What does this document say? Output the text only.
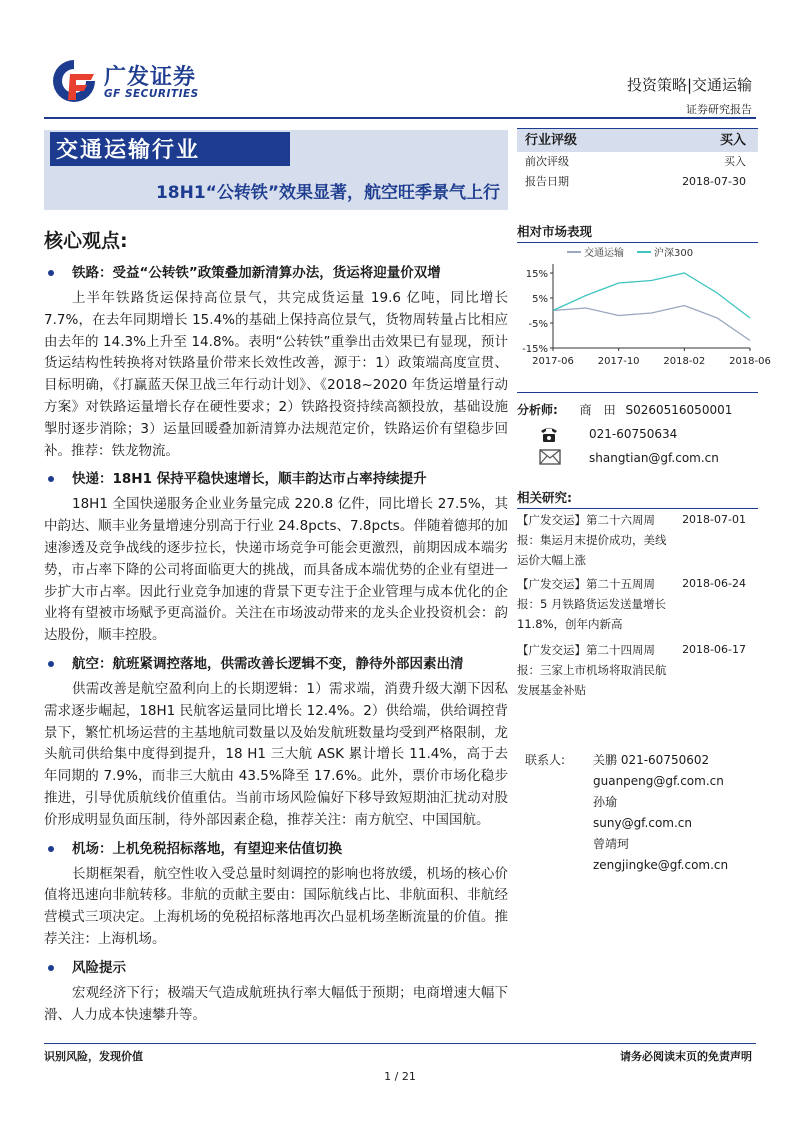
广发证券
GF SECURITIES	投资策略|交通运输
证券研究报告
交通运输行业
18H1“公转铁”效果显著，航空旺季景气上行
核心观点:
铁路：受益“公转铁”政策叠加新清算办法，货运将迎量价双增
上半年铁路货运保持高位景气，共完成货运量 19.6 亿吨，同比增长 7.7%，在去年同期增长 15.4%的基础上保持高位景气，货物周转量占比相应由去年的 14.3%上升至 14.8%。表明“公转铁”重拳出击效果已有显现，预计货运结构性转换将对铁路量价带来长效性改善，源于：1）政策端高度宣贯、目标明确，《打赢蓝天保卫战三年行动计划》、《2018~2020 年货运增量行动方案》对铁路运量增长存在硬性要求；2）铁路投资持续高额投放，基础设施掣肘逐步消除；3）运量回暖叠加新清算办法规范定价，铁路运价有望稳步回补。推荐：铁龙物流。
快递：18H1 保持平稳快速增长，顺丰韵达市占率持续提升
18H1 全国快递服务企业业务量完成 220.8 亿件，同比增长 27.5%，其中韵达、顺丰业务量增速分别高于行业 24.8pcts、7.8pcts。伴随着德邦的加速渗透及竞争战线的逐步拉长，快递市场竞争可能会更激烈，前期因成本端劣势，市占率下降的公司将面临更大的挑战，而具备成本端优势的企业有望进一步扩大市占率。因此行业竞争加速的背景下更专注于企业管理与成本优化的企业将有望被市场赋予更高溢价。关注在市场波动带来的龙头企业投资机会：韵达股份，顺丰控股。
航空：航班紧调控落地，供需改善长逻辑不变，静待外部因素出清
供需改善是航空盈利向上的长期逻辑：1）需求端，消费升级大潮下因私需求逐步崛起，18H1 民航客运量同比增长 12.4%。2）供给端，供给调控背景下，繁忙机场运营的主基地航司数量以及始发航班数量均受到严格限制，龙头航司供给集中度得到提升，18 H1 三大航 ASK 累计增长 11.4%，高于去年同期的 7.9%，而非三大航由 43.5%降至 17.6%。此外，票价市场化稳步推进，引导优质航线价值重估。当前市场风险偏好下移导致短期油汇扰动对股价形成明显负面压制，待外部因素企稳，推荐关注：南方航空、中国国航。
机场：上机免税招标落地，有望迎来估值切换
长期框架看，航空性收入受总量时刻调控的影响也将放缓，机场的核心价值将迅速向非航转移。非航的贡献主要由：国际航线占比、非航面积、非航经营模式三项决定。上海机场的免税招标落地再次凸显机场垄断流量的价值。推荐关注：上海机场。
风险提示
宏观经济下行；极端天气造成航班执行率大幅低于预期；电商增速大幅下滑、人力成本快速攀升等。
行业评级	买入
前次评级	买入
报告日期	2018-07-30
相对市场表现
交通运输	沪深300
15%
5%
-5%
-15%
2017-06 2017-10 2018-02 2018-06
分析师: 商　田 S0260516050001
021-60750634
shangtian@gf.com.cn
相关研究:
【广发交运】第二十六周周报：集运月末提价成功，美线运价大幅上涨
2018-07-01
【广发交运】第二十五周周报：5 月铁路货运发送量增长 11.8%，创年内新高
2018-06-24
【广发交运】第二十四周周报：三家上市机场将取消民航发展基金补贴
2018-06-17
联系人: 关鹏 021-60750602
guanpeng@gf.com.cn
孙瑜
suny@gf.com.cn
曾靖珂
zengjingke@gf.com.cn
识别风险，发现价值	请务必阅读末页的免责声明
1 / 21
